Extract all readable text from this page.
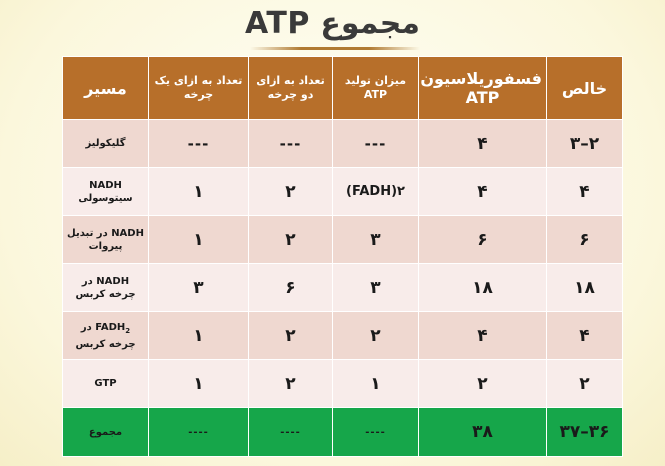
مجموع ATP
خالص	فسفوریلاسیون ATP	میزان تولید ATP	تعداد به ازای دو چرخه	تعداد به ازای یک چرخه	مسیر
۲–۳	۴	---	---	---	گلیکولیز
۴	۴	۲(FADH)	۲	۱	NADH سیتوسولی
۶	۶	۳	۲	۱	NADH در تبدیل پیروات
۱۸	۱۸	۳	۶	۳	NADH در چرخه کربس
۴	۴	۲	۲	۱	$FADH_2$ در چرخه کربس
۲	۲	۱	۲	۱	GTP
۳۶–۳۷	۳۸	----	----	----	مجموع
